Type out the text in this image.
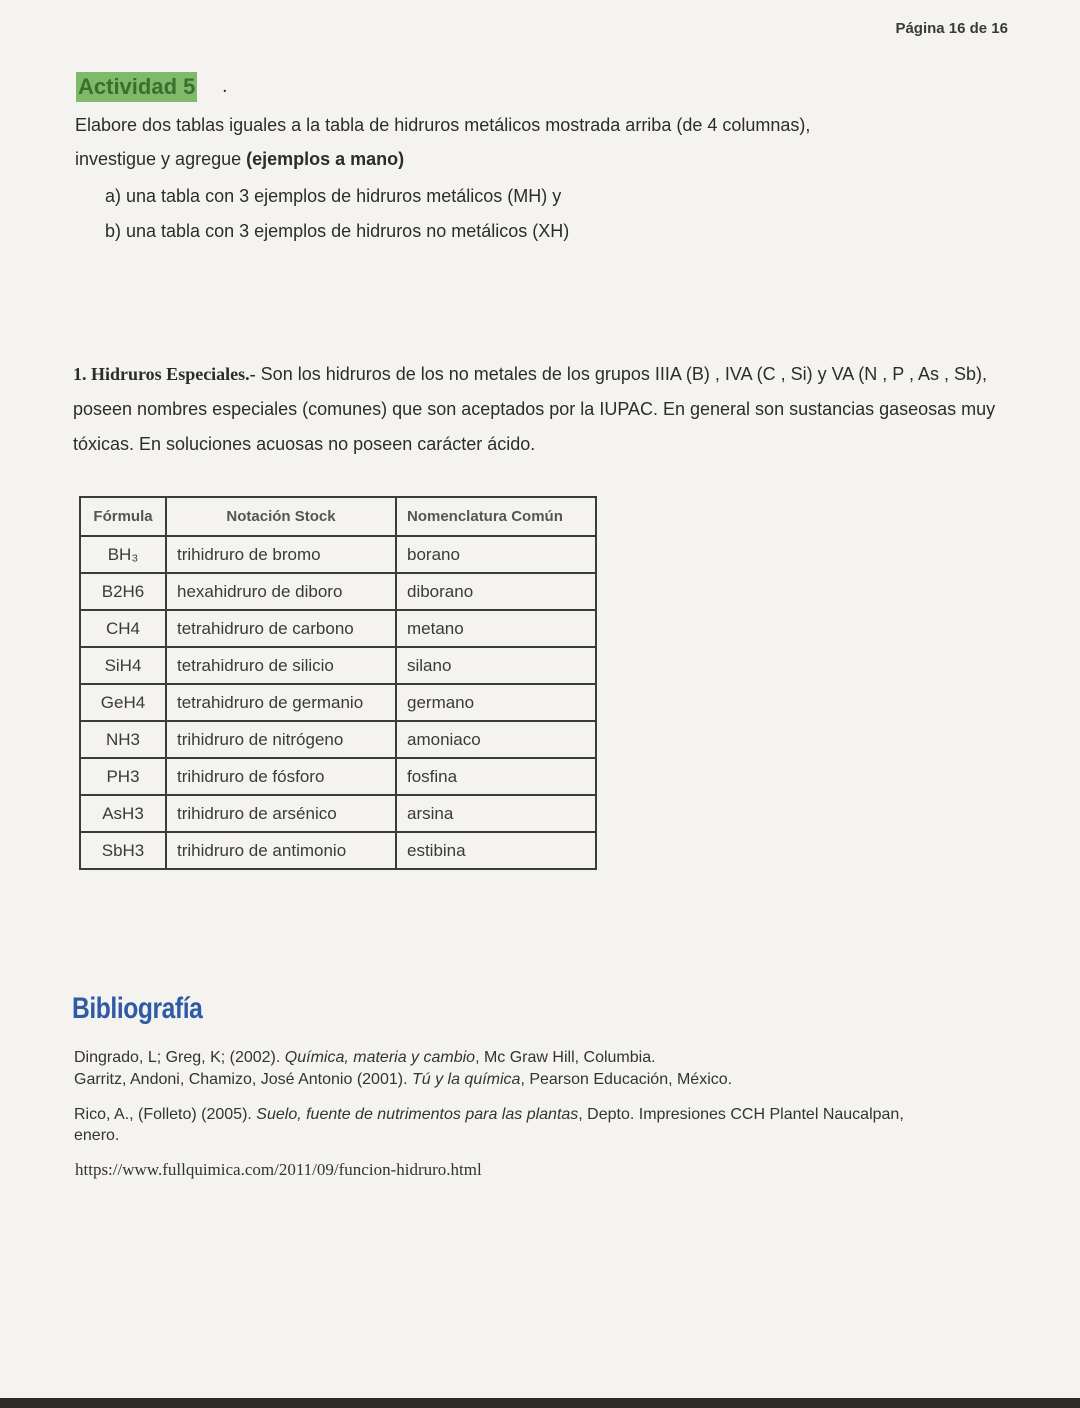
Página 16 de 16
Actividad 5 .
Elabore dos tablas iguales a la tabla de hidruros metálicos mostrada arriba (de 4 columnas),
investigue y agregue (ejemplos a mano)
a) una tabla con 3 ejemplos de hidruros metálicos (MH) y
b) una tabla con 3 ejemplos de hidruros no metálicos (XH)
1. Hidruros Especiales.- Son los hidruros de los no metales de los grupos IIIA (B) , IVA (C , Si) y VA (N , P , As , Sb), poseen nombres especiales (comunes) que son aceptados por la IUPAC. En general son sustancias gaseosas muy tóxicas. En soluciones acuosas no poseen carácter ácido.
Fórmula	Notación Stock	Nomenclatura Común
BH₃	trihidruro de bromo	borano
B2H6	hexahidruro de diboro	diborano
CH4	tetrahidruro de carbono	metano
SiH4	tetrahidruro de silicio	silano
GeH4	tetrahidruro de germanio	germano
NH3	trihidruro de nitrógeno	amoniaco
PH3	trihidruro de fósforo	fosfina
AsH3	trihidruro de arsénico	arsina
SbH3	trihidruro de antimonio	estibina
Bibliografía
Dingrado, L; Greg, K; (2002). Química, materia y cambio, Mc Graw Hill, Columbia.
Garritz, Andoni, Chamizo, José Antonio (2001). Tú y la química, Pearson Educación, México.
Rico, A., (Folleto) (2005). Suelo, fuente de nutrimentos para las plantas, Depto. Impresiones CCH Plantel Naucalpan, enero.
https://www.fullquimica.com/2011/09/funcion-hidruro.html
